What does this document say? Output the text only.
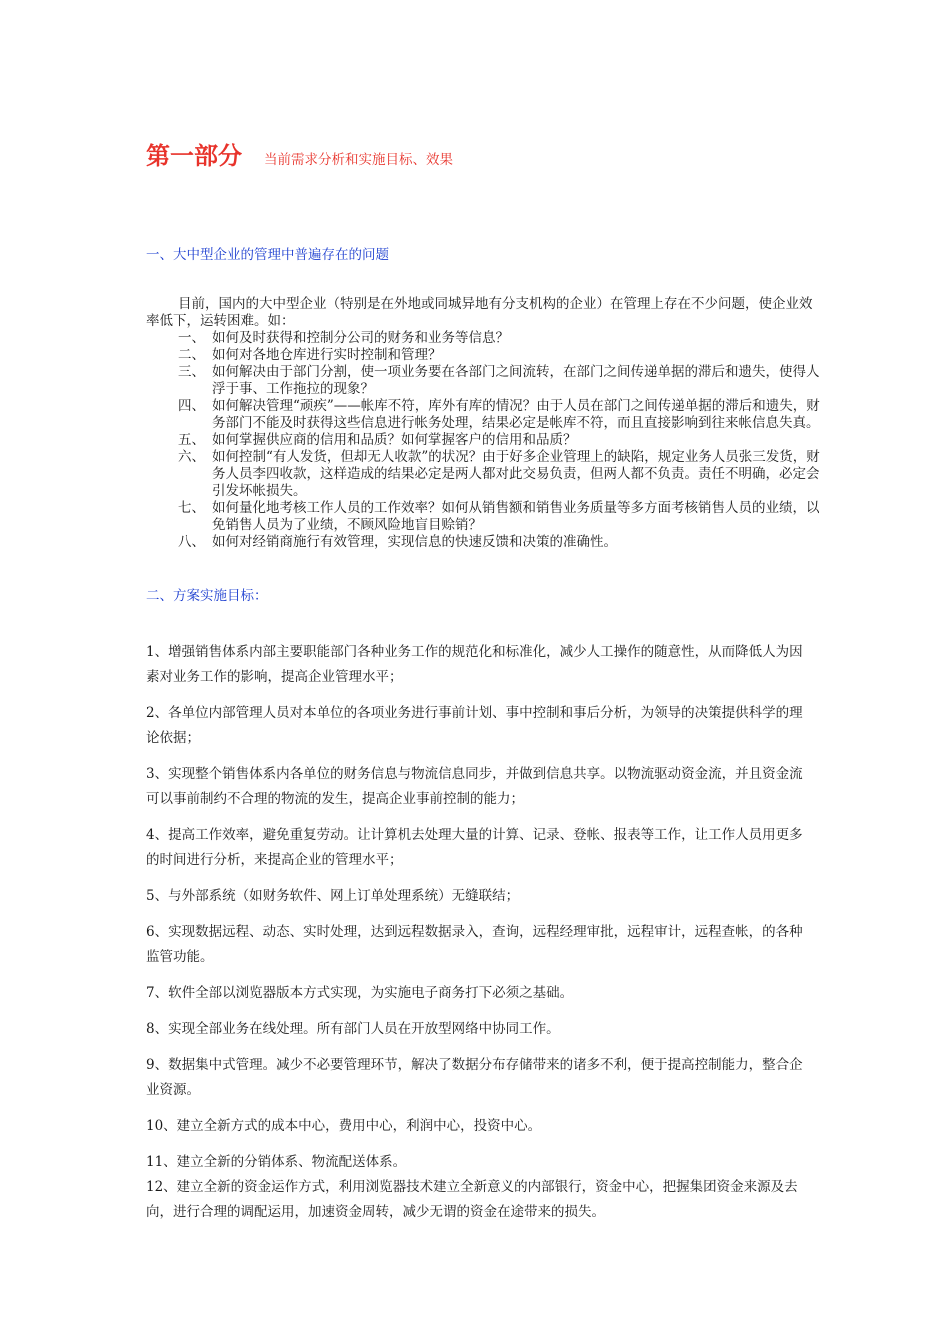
第一部分 当前需求分析和实施目标、效果
一、大中型企业的管理中普遍存在的问题
目前，国内的大中型企业（特别是在外地或同城异地有分支机构的企业）在管理上存在不少问题，使企业效率低下，运转困难。如：
一、 如何及时获得和控制分公司的财务和业务等信息？
二、 如何对各地仓库进行实时控制和管理？
三、 如何解决由于部门分割，使一项业务要在各部门之间流转，在部门之间传递单据的滞后和遗失，使得人浮于事、工作拖拉的现象？
四、 如何解决管理“顽疾”——帐库不符，库外有库的情况？由于人员在部门之间传递单据的滞后和遗失，财务部门不能及时获得这些信息进行帐务处理，结果必定是帐库不符，而且直接影响到往来帐信息失真。
五、 如何掌握供应商的信用和品质？如何掌握客户的信用和品质？
六、 如何控制“有人发货，但却无人收款”的状况？由于好多企业管理上的缺陷，规定业务人员张三发货，财务人员李四收款，这样造成的结果必定是两人都对此交易负责，但两人都不负责。责任不明确，必定会引发坏帐损失。
七、 如何量化地考核工作人员的工作效率？如何从销售额和销售业务质量等多方面考核销售人员的业绩，以免销售人员为了业绩，不顾风险地盲目赊销？
八、 如何对经销商施行有效管理，实现信息的快速反馈和决策的准确性。
二、方案实施目标：

1、增强销售体系内部主要职能部门各种业务工作的规范化和标准化，减少人工操作的随意性，从而降低人为因素对业务工作的影响，提高企业管理水平；

2、各单位内部管理人员对本单位的各项业务进行事前计划、事中控制和事后分析，为领导的决策提供科学的理论依据；

3、实现整个销售体系内各单位的财务信息与物流信息同步，并做到信息共享。以物流驱动资金流，并且资金流可以事前制约不合理的物流的发生，提高企业事前控制的能力；

4、提高工作效率，避免重复劳动。让计算机去处理大量的计算、记录、登帐、报表等工作，让工作人员用更多的时间进行分析，来提高企业的管理水平；

5、与外部系统（如财务软件、网上订单处理系统）无缝联结；

6、实现数据远程、动态、实时处理，达到远程数据录入，查询，远程经理审批，远程审计，远程查帐，的各种监管功能。

7、软件全部以浏览器版本方式实现，为实施电子商务打下必须之基础。

8、实现全部业务在线处理。所有部门人员在开放型网络中协同工作。

9、数据集中式管理。减少不必要管理环节，解决了数据分布存储带来的诸多不利，便于提高控制能力，整合企业资源。

10、建立全新方式的成本中心，费用中心，利润中心，投资中心。

11、建立全新的分销体系、物流配送体系。

12、建立全新的资金运作方式，利用浏览器技术建立全新意义的内部银行，资金中心，把握集团资金来源及去向，进行合理的调配运用，加速资金周转，减少无谓的资金在途带来的损失。
